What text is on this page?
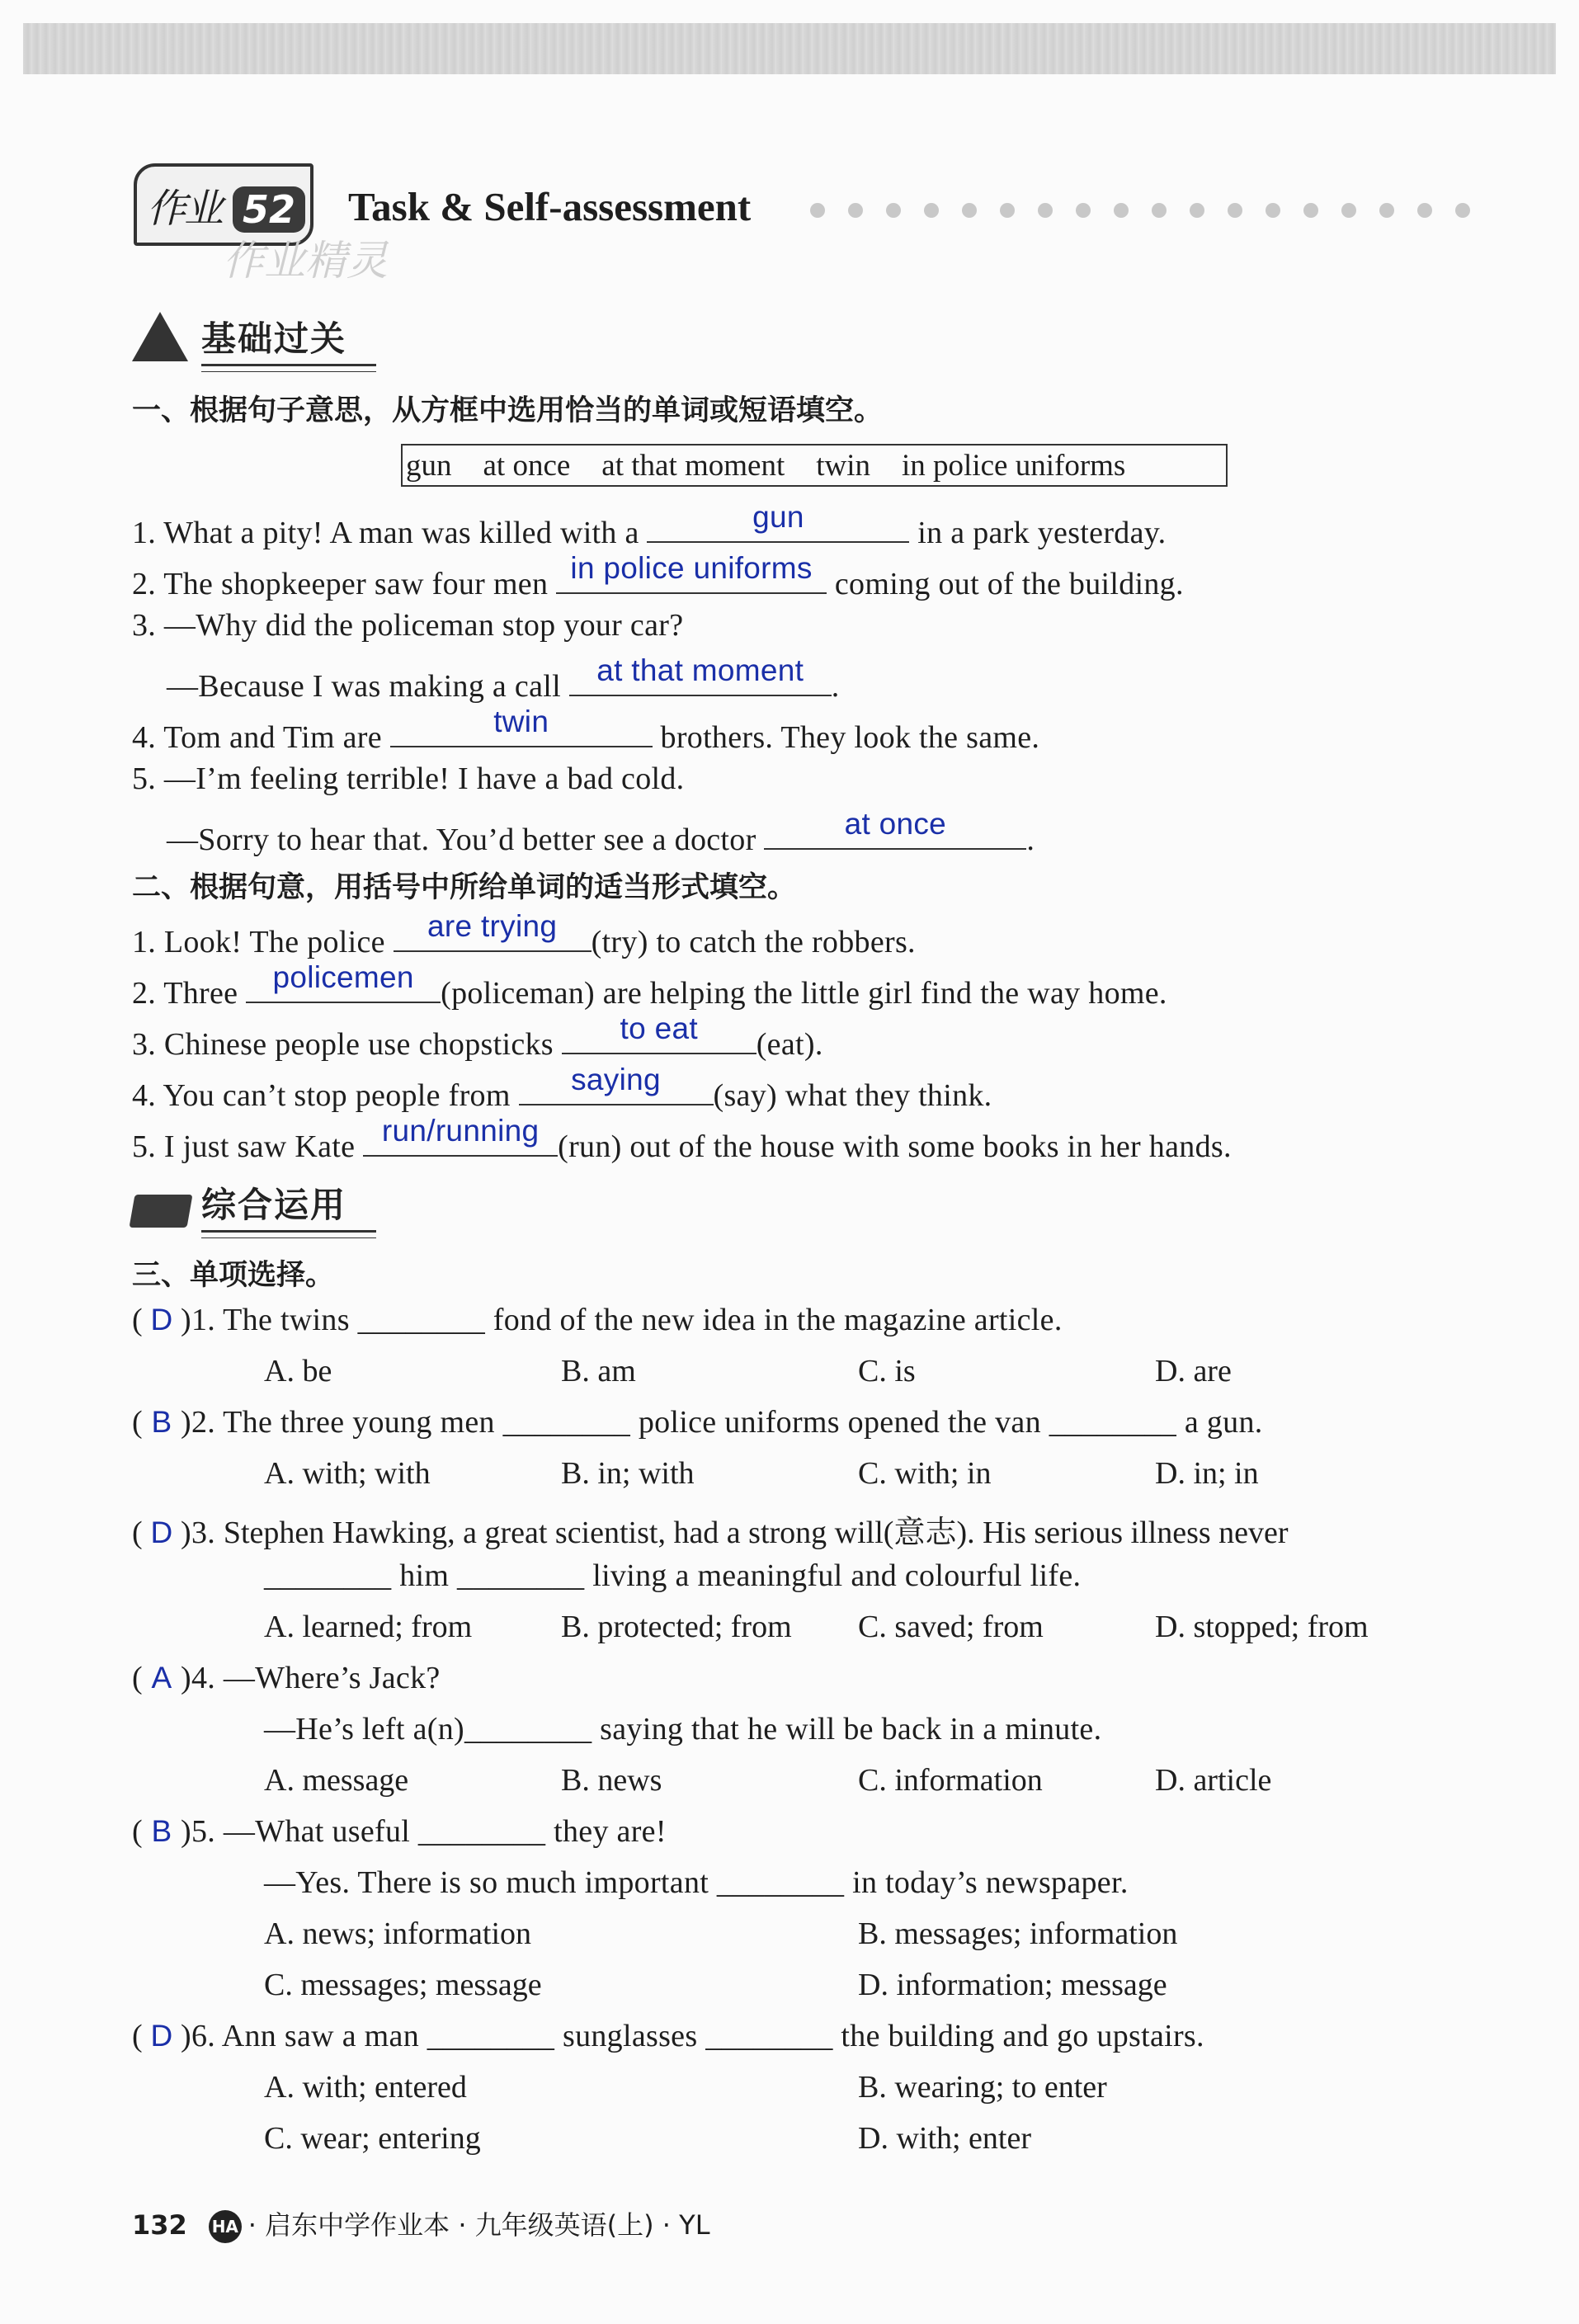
作业 52
作业精灵
Task & Self-assessment
基础过关
一、根据句子意思，从方框中选用恰当的单词或短语填空。
gun at once at that moment twin in police uniforms
1. What a pity! A man was killed with a	gun	in a park yesterday.
2. The shopkeeper saw four men in police uniforms coming out of the building.
3. —Why did the policeman stop your car?
—Because I was making a call	at that moment .
4. Tom and Tim are	twin	brothers. They look the same.
5. —I’m feeling terrible! I have a bad cold.
—Sorry to hear that. You’d better see a doctor	at once	.
二、根据句意，用括号中所给单词的适当形式填空。
1. Look! The police	are trying	(try) to catch the robbers.
2. Three	policemen (policeman) are helping the little girl find the way home.
3. Chinese people use chopsticks	to eat	(eat).
4. You can’t stop people from	saying	(say) what they think.
5. I just saw Kate run/running (run) out of the house with some books in her hands.
综合运用
三、单项选择。
( D )1. The twins ________ fond of the new idea in the magazine article.
A. be	B. am	C. is	D. are
( B )2. The three young men ________ police uniforms opened the van ________ a gun.
A. with; with	B. in; with	C. with; in	D. in; in
( D )3. Stephen Hawking, a great scientist, had a strong will(意志). His serious illness never
________ him ________ living a meaningful and colourful life.
A. learned; from	B. protected; from C. saved; from	D. stopped; from
( A )4. —Where’s Jack?
—He’s left a(n)________ saying that he will be back in a minute.
A. message	B. news	C. information	D. article
( B )5. —What useful ________ they are!
—Yes. There is so much important ________ in today’s newspaper.
A. news; information	B. messages; information
C. messages; message	D. information; message
( D )6. Ann saw a man ________ sunglasses ________ the building and go upstairs.
A. with; entered	B. wearing; to enter
C. wear; entering	D. with; enter
132 HA · 启东中学作业本 · 九年级英语(上) · YL
